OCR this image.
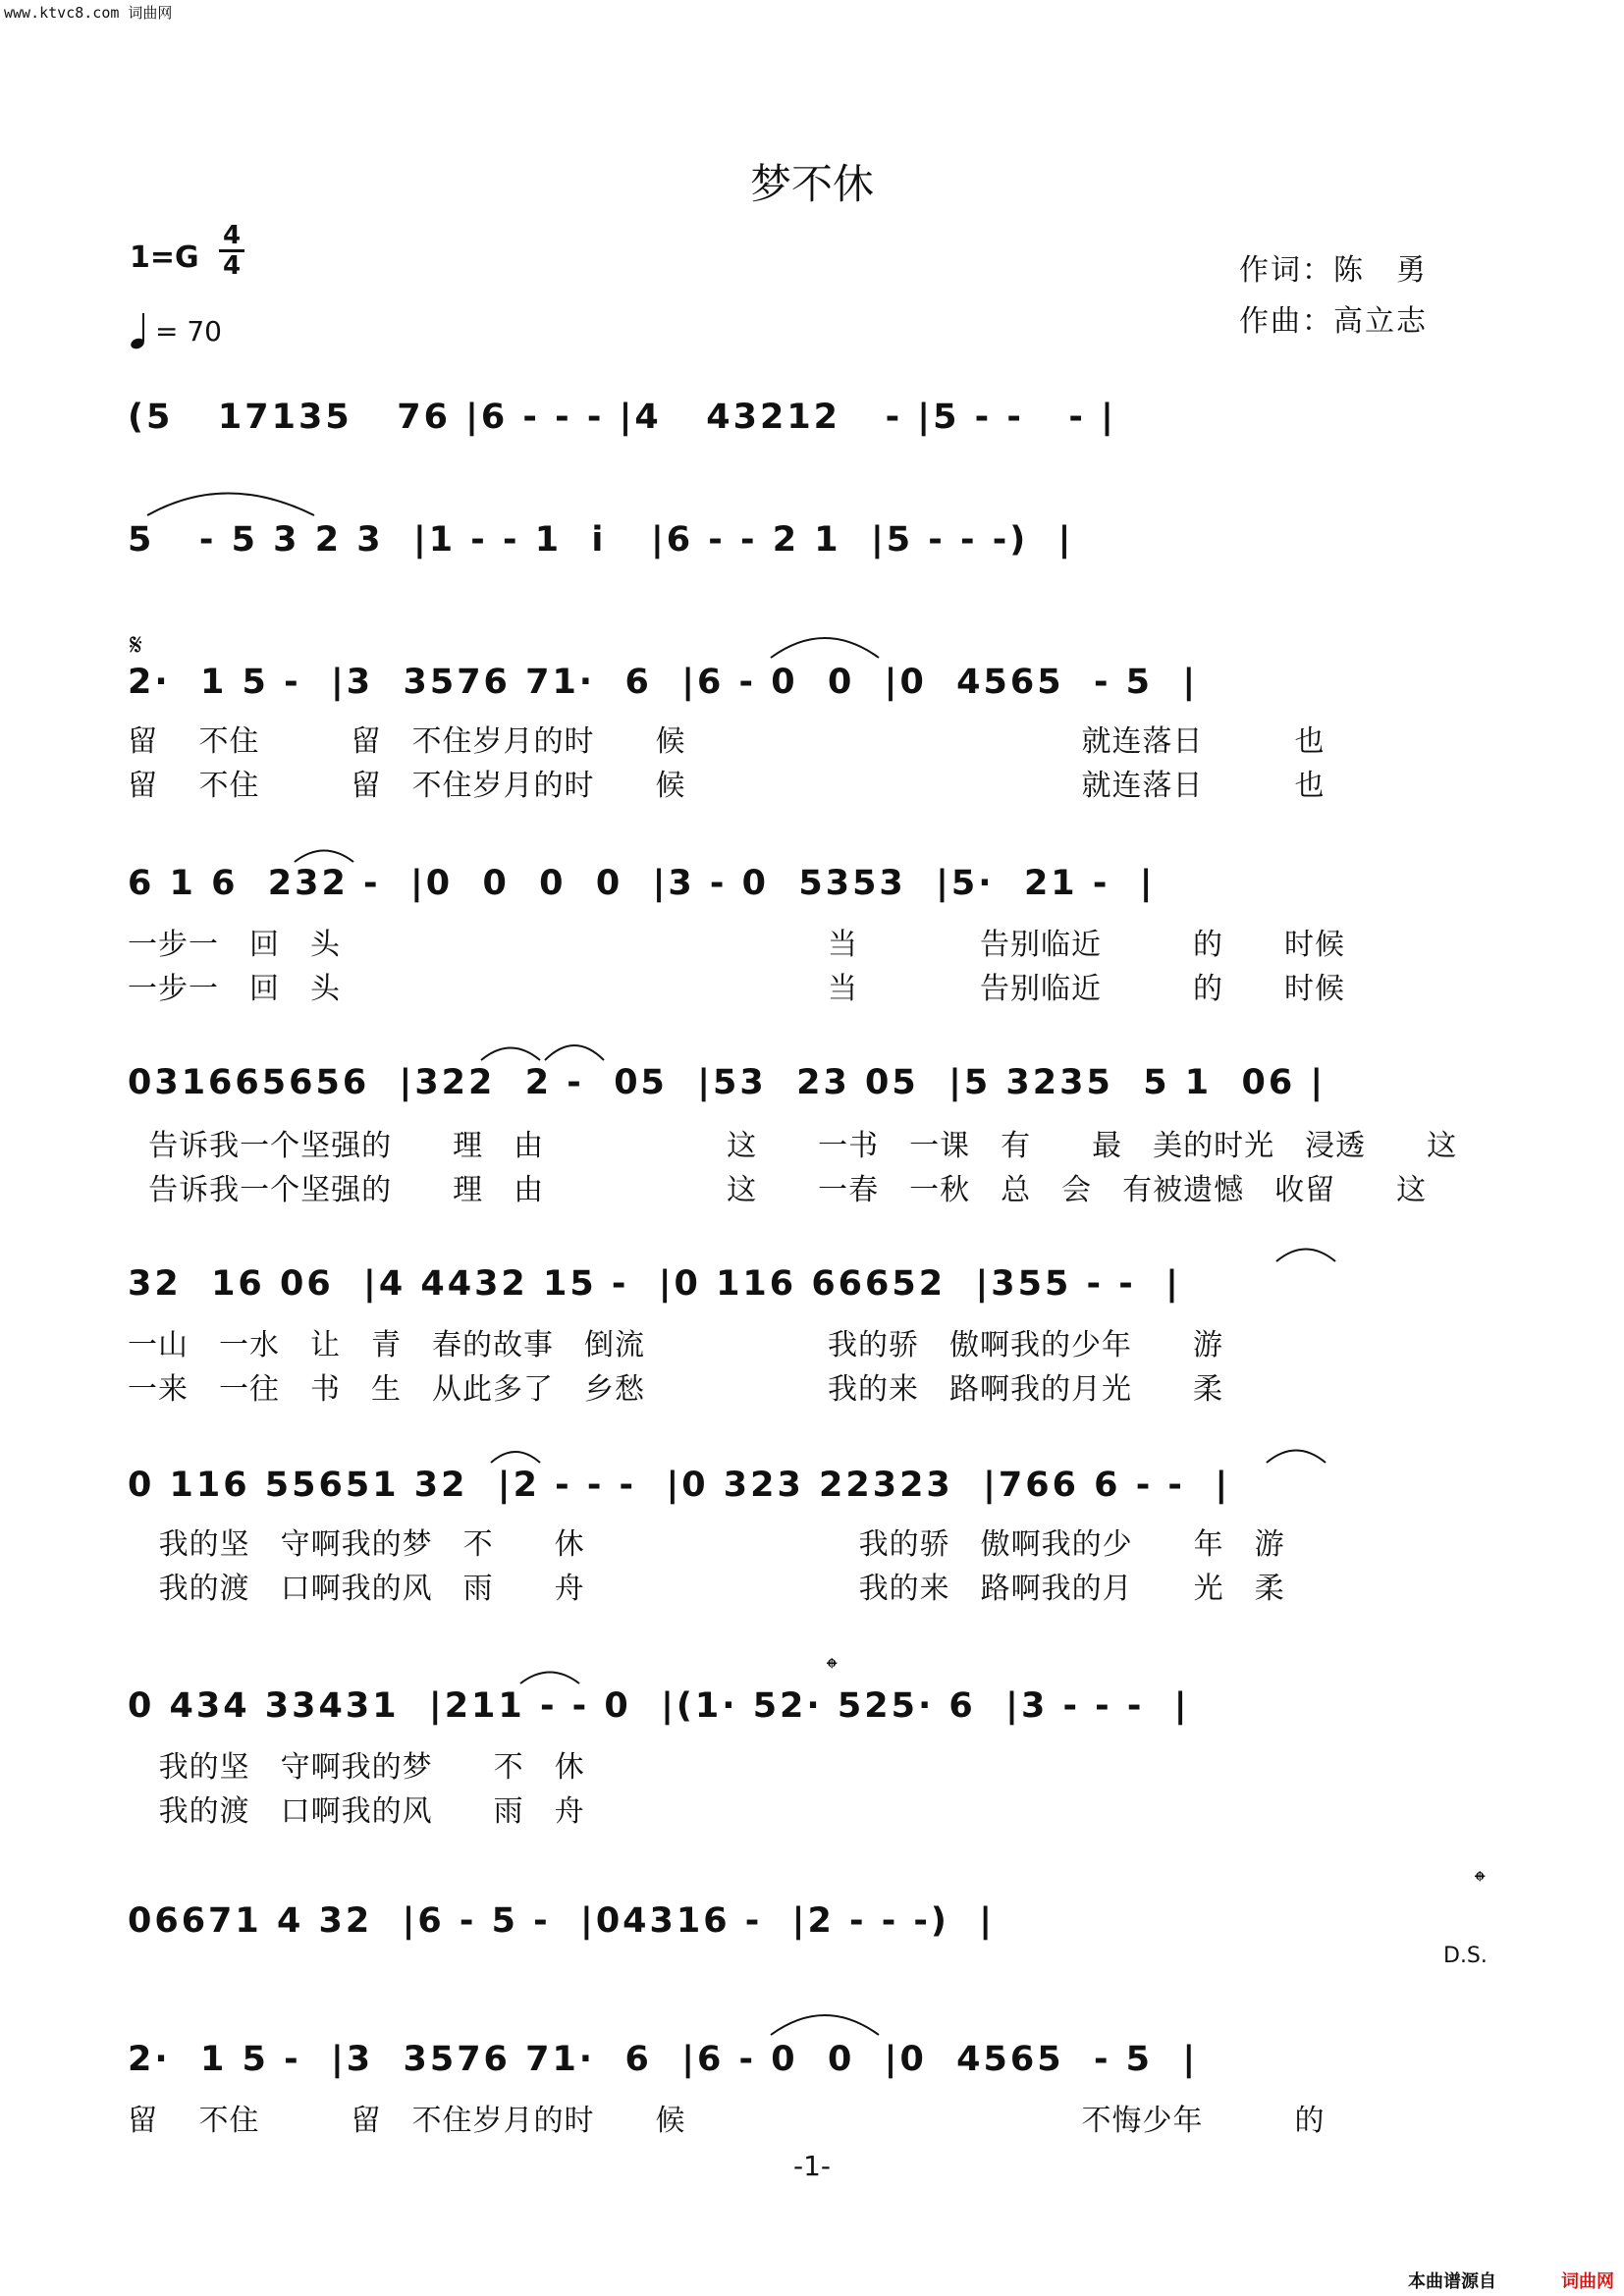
www.ktvc8.com 词曲网
梦不休
1=G
4
4
= 70
作词：陈　勇
作曲：高立志
(5   17135   76 |6 - - - |4   43212   - |5 - -   - |
5   - 5 3 2 3  |1 - - 1  i   |6 - - 2 1  |5 - - -)  |
𝄋
2·  1 5 -  |3  3576 71·  6  |6 - 0  0  |0  4565  - 5  |
留　 不住　　　留　不住岁月的时　　候　　　　　　　　　　　　　就连落日　　　也
留　 不住　　　留　不住岁月的时　　候　　　　　　　　　　　　　就连落日　　　也
6 1 6  232 -  |0  0  0  0  |3 - 0  5353  |5·  21 -  |
一步一　回　头　　　　　　　　　　　　　　　　当　　　　告别临近　　　的　　时候
一步一　回　头　　　　　　　　　　　　　　　　当　　　　告别临近　　　的　　时候
031665656  |322  2 -  05  |53  23 05  |5 3235  5 1  06 |
告诉我一个坚强的　　理　由　　　　　　这　　一书　一课　有　　最　美的时光　浸透　　这
告诉我一个坚强的　　理　由　　　　　　这　　一春　一秋　总　会　有被遗憾　收留　　这
32  16 06  |4 4432 15 -  |0 116 66652  |355 - -  |
一山　一水　让　青　春的故事　倒流　　　　　　我的骄　傲啊我的少年　　游
一来　一往　书　生　从此多了　乡愁　　　　　　我的来　路啊我的月光　　柔
0 116 55651 32  |2 - - -  |0 323 22323  |766 6 - -  |
我的坚　守啊我的梦　不　　休　　　　　　　　　我的骄　傲啊我的少　　年　游
我的渡　口啊我的风　雨　　舟　　　　　　　　　我的来　路啊我的月　　光　柔
𝄌
0 434 33431  |211 - - 0  |(1· 52· 525· 6  |3 - - -  |
我的坚　守啊我的梦　　不　休
我的渡　口啊我的风　　雨　舟
06671 4 32  |6 - 5 -  |04316 -  |2 - - -)  |
𝄌
D.S.
2·  1 5 -  |3  3576 71·  6  |6 - 0  0  |0  4565  - 5  |
留　 不住　　　留　不住岁月的时　　候　　　　　　　　　　　　　不悔少年　　　的
-1-
本曲谱源自	词曲网
